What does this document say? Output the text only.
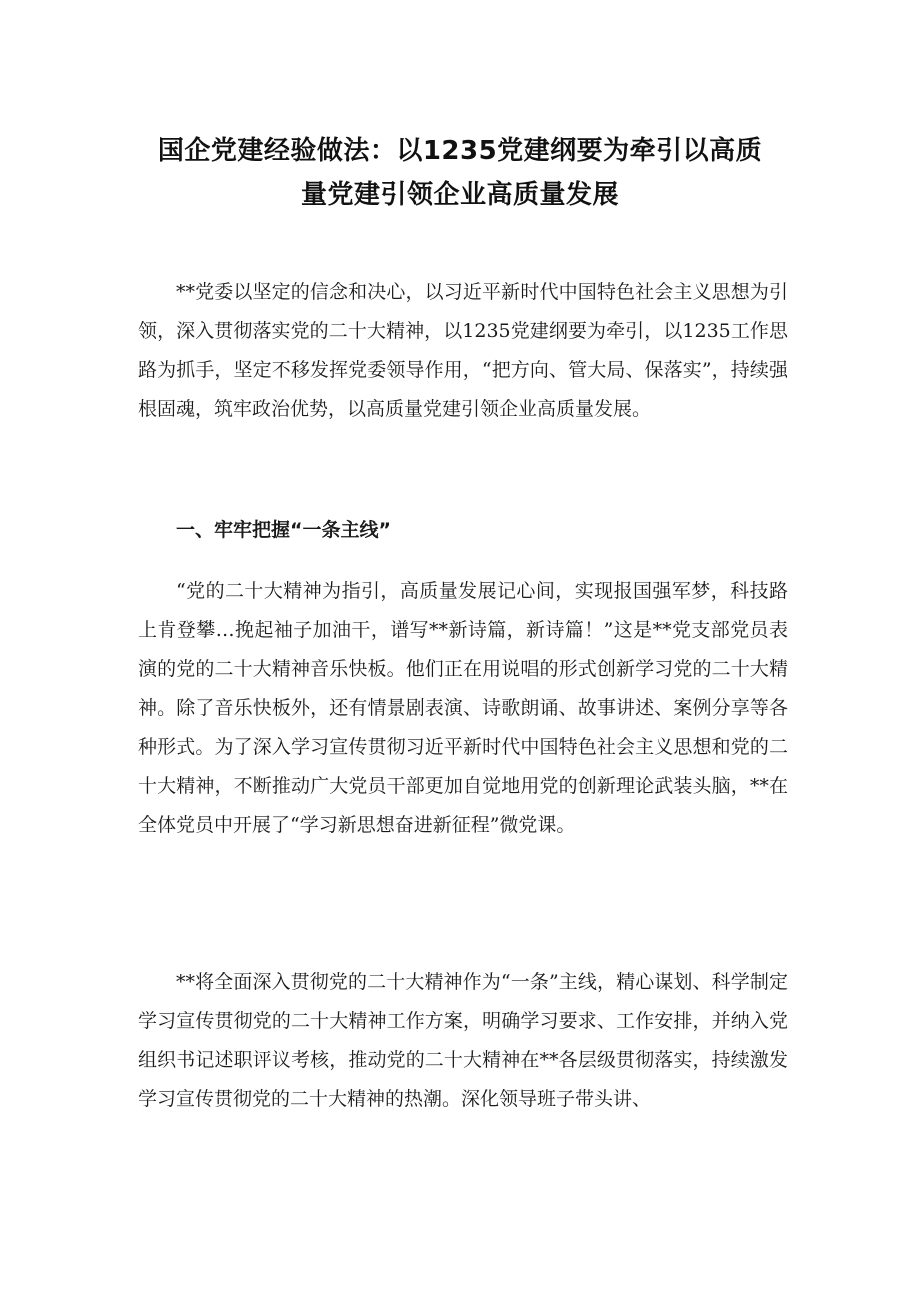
国企党建经验做法：以1235党建纲要为牵引以高质
量党建引领企业高质量发展

**党委以坚定的信念和决心，以习近平新时代中国特色社会主义思想为引领，深入贯彻落实党的二十大精神，以1235党建纲要为牵引，以1235工作思路为抓手，坚定不移发挥党委领导作用，“把方向、管大局、保落实”，持续强根固魂，筑牢政治优势，以高质量党建引领企业高质量发展。

一、牢牢把握“一条主线”

“党的二十大精神为指引，高质量发展记心间，实现报国强军梦，科技路上肯登攀…挽起袖子加油干，谱写**新诗篇，新诗篇！”这是**党支部党员表演的党的二十大精神音乐快板。他们正在用说唱的形式创新学习党的二十大精神。除了音乐快板外，还有情景剧表演、诗歌朗诵、故事讲述、案例分享等各种形式。为了深入学习宣传贯彻习近平新时代中国特色社会主义思想和党的二十大精神，不断推动广大党员干部更加自觉地用党的创新理论武装头脑，**在全体党员中开展了“学习新思想奋进新征程”微党课。

**将全面深入贯彻党的二十大精神作为“一条”主线，精心谋划、科学制定学习宣传贯彻党的二十大精神工作方案，明确学习要求、工作安排，并纳入党组织书记述职评议考核，推动党的二十大精神在**各层级贯彻落实，持续激发学习宣传贯彻党的二十大精神的热潮。深化领导班子带头讲、
